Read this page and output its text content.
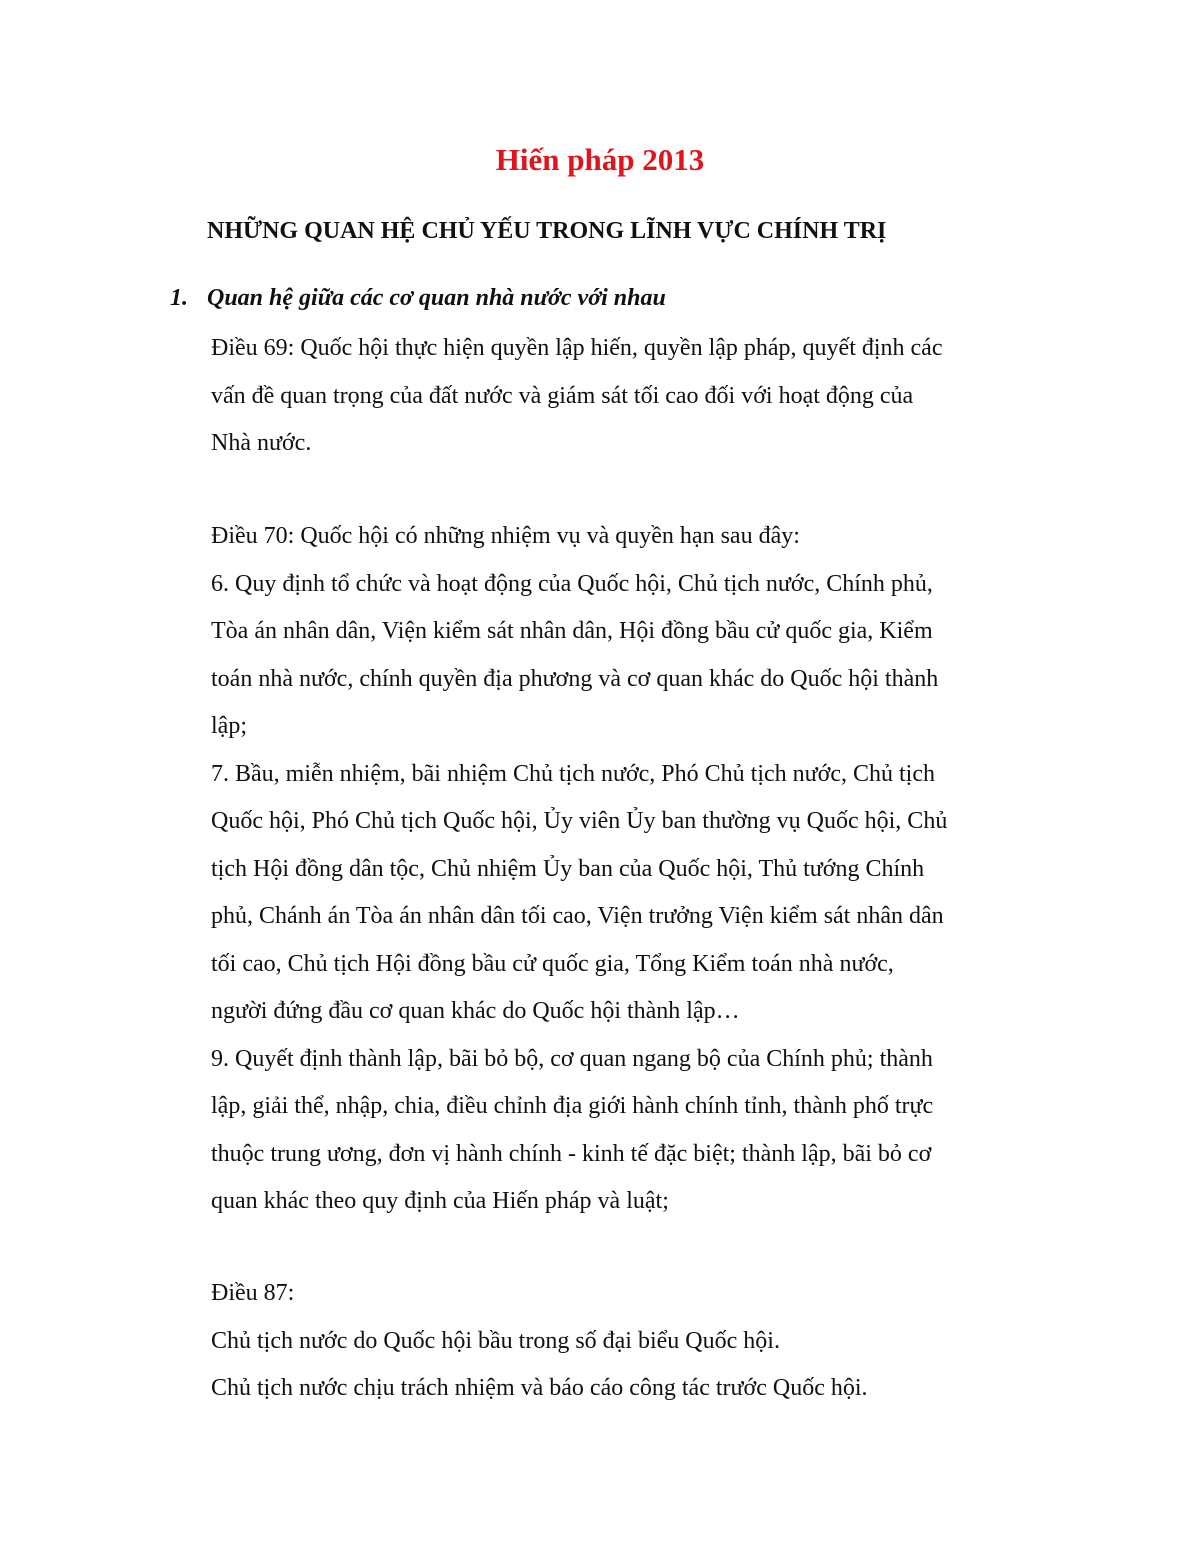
Hiến pháp 2013
NHỮNG QUAN HỆ CHỦ YẾU TRONG LĨNH VỰC CHÍNH TRỊ
1. Quan hệ giữa các cơ quan nhà nước với nhau
Điều 69: Quốc hội thực hiện quyền lập hiến, quyền lập pháp, quyết định các
vấn đề quan trọng của đất nước và giám sát tối cao đối với hoạt động của
Nhà nước.
Điều 70: Quốc hội có những nhiệm vụ và quyền hạn sau đây:
6. Quy định tổ chức và hoạt động của Quốc hội, Chủ tịch nước, Chính phủ,
Tòa án nhân dân, Viện kiểm sát nhân dân, Hội đồng bầu cử quốc gia, Kiểm
toán nhà nước, chính quyền địa phương và cơ quan khác do Quốc hội thành
lập;
7. Bầu, miễn nhiệm, bãi nhiệm Chủ tịch nước, Phó Chủ tịch nước, Chủ tịch
Quốc hội, Phó Chủ tịch Quốc hội, Ủy viên Ủy ban thường vụ Quốc hội, Chủ
tịch Hội đồng dân tộc, Chủ nhiệm Ủy ban của Quốc hội, Thủ tướng Chính
phủ, Chánh án Tòa án nhân dân tối cao, Viện trưởng Viện kiểm sát nhân dân
tối cao, Chủ tịch Hội đồng bầu cử quốc gia, Tổng Kiểm toán nhà nước,
người đứng đầu cơ quan khác do Quốc hội thành lập…
9. Quyết định thành lập, bãi bỏ bộ, cơ quan ngang bộ của Chính phủ; thành
lập, giải thể, nhập, chia, điều chỉnh địa giới hành chính tỉnh, thành phố trực
thuộc trung ương, đơn vị hành chính - kinh tế đặc biệt; thành lập, bãi bỏ cơ
quan khác theo quy định của Hiến pháp và luật;
Điều 87:
Chủ tịch nước do Quốc hội bầu trong số đại biểu Quốc hội.
Chủ tịch nước chịu trách nhiệm và báo cáo công tác trước Quốc hội.
